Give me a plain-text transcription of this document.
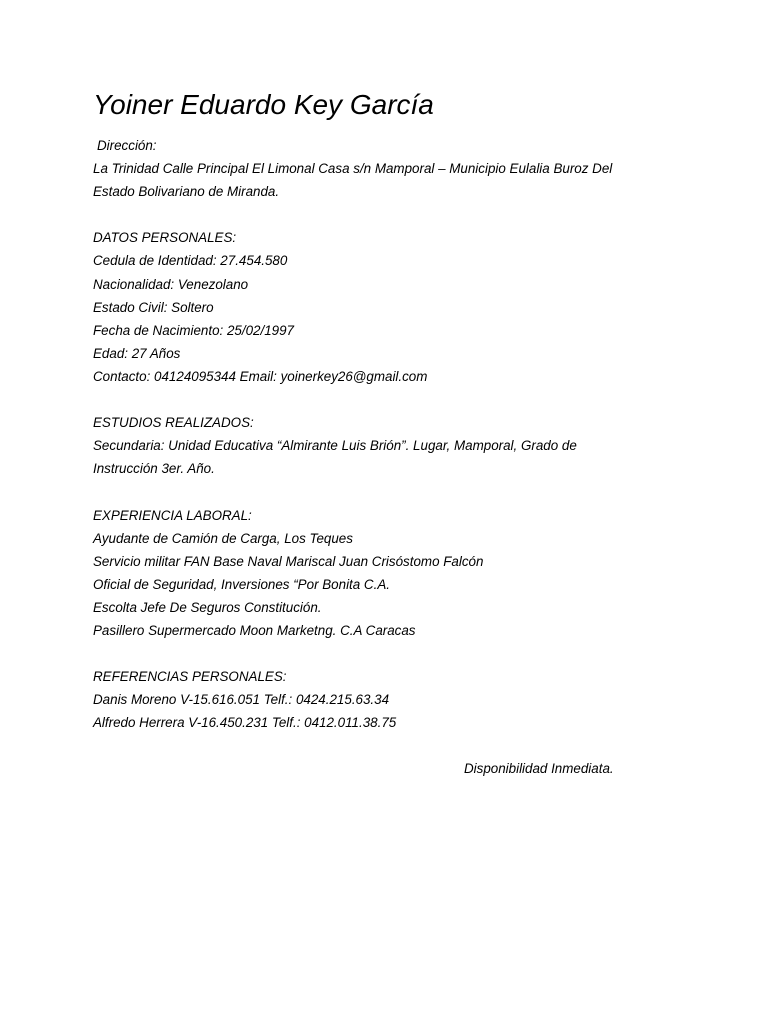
Yoiner Eduardo Key García
Dirección:
La Trinidad Calle Principal El Limonal Casa s/n Mamporal – Municipio Eulalia Buroz Del
Estado Bolivariano de Miranda.
DATOS PERSONALES:
Cedula de Identidad: 27.454.580
Nacionalidad: Venezolano
Estado Civil: Soltero
Fecha de Nacimiento: 25/02/1997
Edad: 27 Años
Contacto: 04124095344 Email: yoinerkey26@gmail.com
ESTUDIOS REALIZADOS:
Secundaria: Unidad Educativa “Almirante Luis Brión”. Lugar, Mamporal, Grado de
Instrucción 3er. Año.
EXPERIENCIA LABORAL:
Ayudante de Camión de Carga, Los Teques
Servicio militar FAN Base Naval Mariscal Juan Crisóstomo Falcón
Oficial de Seguridad, Inversiones “Por Bonita C.A.
Escolta Jefe De Seguros Constitución.
Pasillero Supermercado Moon Marketng. C.A Caracas
REFERENCIAS PERSONALES:
Danis Moreno V-15.616.051 Telf.: 0424.215.63.34
Alfredo Herrera V-16.450.231 Telf.: 0412.011.38.75
Disponibilidad Inmediata.
